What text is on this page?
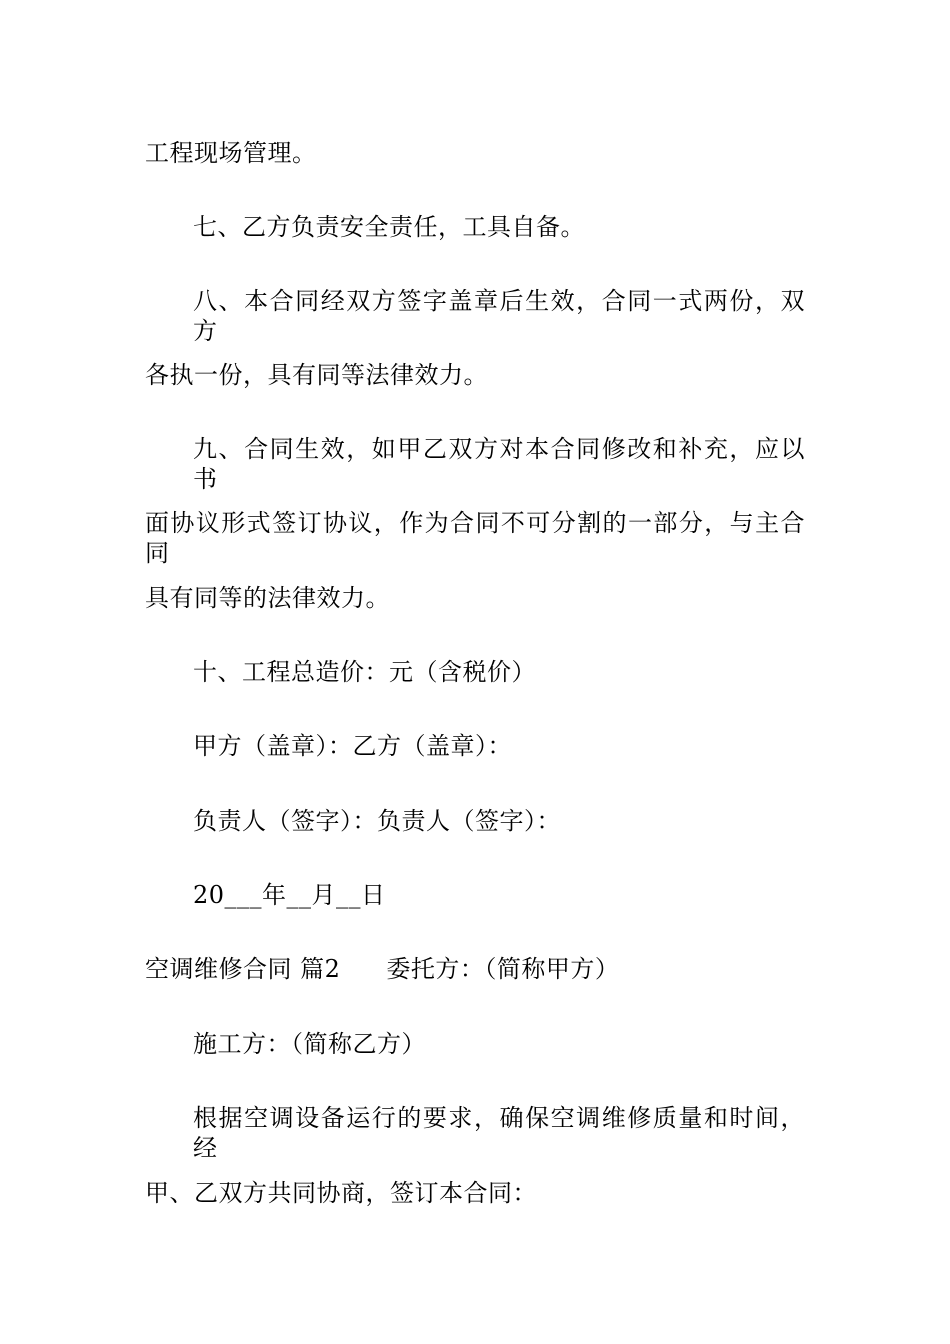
工程现场管理。
七、乙方负责安全责任，工具自备。
八、本合同经双方签字盖章后生效，合同一式两份，双方
各执一份，具有同等法律效力。
九、合同生效，如甲乙双方对本合同修改和补充，应以书
面协议形式签订协议，作为合同不可分割的一部分，与主合同
具有同等的法律效力。
十、工程总造价：元（含税价）
甲方（盖章）：乙方（盖章）：
负责人（签字）：负责人（签字）：
20___年__月__日
空调维修合同 篇2 委托方：（简称甲方）
施工方：（简称乙方）
根据空调设备运行的要求，确保空调维修质量和时间，经
甲、乙双方共同协商，签订本合同：
